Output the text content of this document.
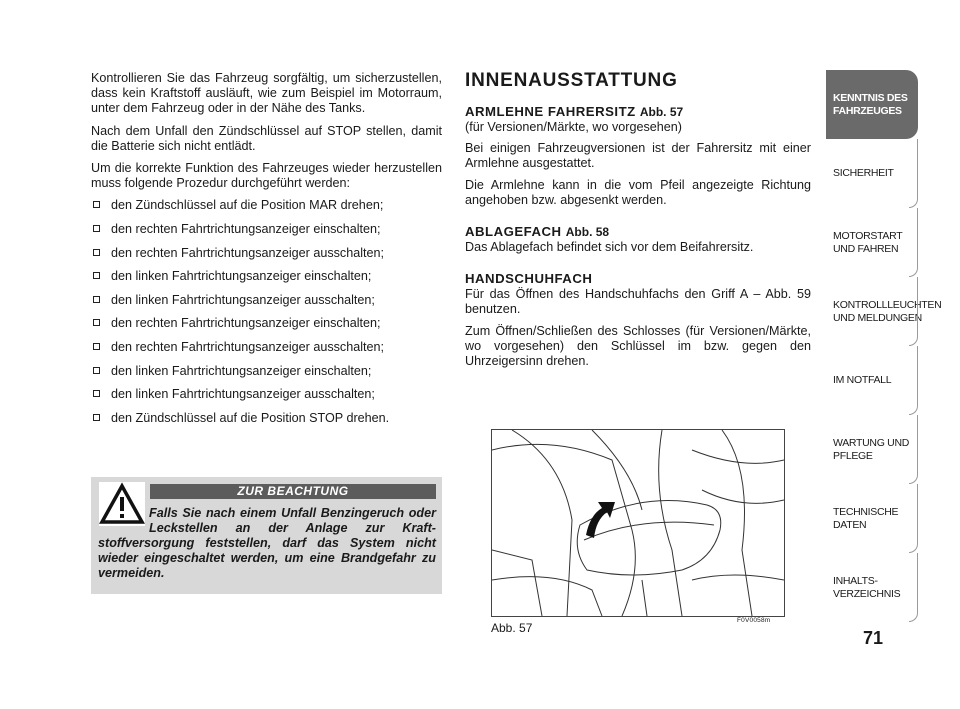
Kontrollieren Sie das Fahrzeug sorgfältig, um sicherzustellen, dass kein Kraftstoff ausläuft, wie zum Beispiel im Motorraum, unter dem Fahrzeug oder in der Nähe des Tanks.

Nach dem Unfall den Zündschlüssel auf STOP stellen, damit die Batterie sich nicht entlädt.

Um die korrekte Funktion des Fahrzeuges wieder herzustellen muss folgende Prozedur durchgeführt werden:

den Zündschlüssel auf die Position MAR drehen;
den rechten Fahrtrichtungsanzeiger einschalten;
den rechten Fahrtrichtungsanzeiger ausschalten;
den linken Fahrtrichtungsanzeiger einschalten;
den linken Fahrtrichtungsanzeiger ausschalten;
den rechten Fahrtrichtungsanzeiger einschalten;
den rechten Fahrtrichtungsanzeiger ausschalten;
den linken Fahrtrichtungsanzeiger einschalten;
den linken Fahrtrichtungsanzeiger ausschalten;
den Zündschlüssel auf die Position STOP drehen.
ZUR BEACHTUNG
Falls Sie nach einem Unfall Benzingeruch oder Leckstellen an der Anlage zur Kraftstoffversorgung feststellen, darf das System nicht wieder eingeschaltet werden, um eine Brandgefahr zu vermeiden.
INNENAUSSTATTUNG
ARMLEHNE FAHRERSITZ Abb. 57

(für Versionen/Märkte, wo vorgesehen)

Bei einigen Fahrzeugversionen ist der Fahrersitz mit einer Armlehne ausgestattet.

Die Armlehne kann in die vom Pfeil angezeigte Richtung angehoben bzw. abgesenkt werden.

ABLAGEFACH Abb. 58

Das Ablagefach befindet sich vor dem Beifahrersitz.

HANDSCHUHFACH

Für das Öffnen des Handschuhfachs den Griff A – Abb. 59 benutzen.

Zum Öffnen/Schließen des Schlosses (für Versionen/Märkte, wo vorgesehen) den Schlüssel im bzw. gegen den Uhrzeigersinn drehen.

Abb. 57
F0V0058m
KENNTNIS DES FAHRZEUGES
SICHERHEIT
MOTORSTART UND FAHREN
KONTROLLLEUCHTEN UND MELDUNGEN
IM NOTFALL
WARTUNG UND PFLEGE
TECHNISCHE DATEN
INHALTS- VERZEICHNIS
71
